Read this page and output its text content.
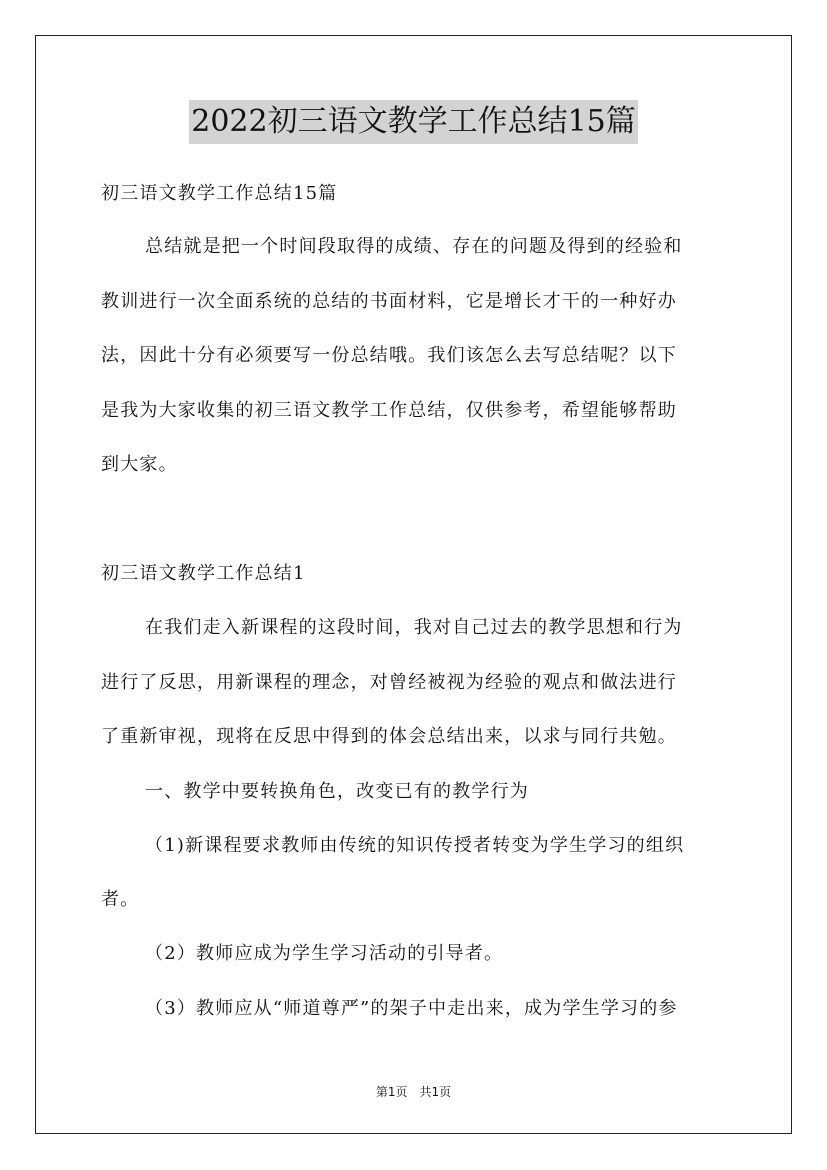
2022初三语文教学工作总结15篇

初三语文教学工作总结15篇

总结就是把一个时间段取得的成绩、存在的问题及得到的经验和

教训进行一次全面系统的总结的书面材料，它是增长才干的一种好办

法，因此十分有必须要写一份总结哦。我们该怎么去写总结呢？以下

是我为大家收集的初三语文教学工作总结，仅供参考，希望能够帮助

到大家。

初三语文教学工作总结1

在我们走入新课程的这段时间，我对自己过去的教学思想和行为

进行了反思，用新课程的理念，对曾经被视为经验的观点和做法进行

了重新审视，现将在反思中得到的体会总结出来，以求与同行共勉。

一、教学中要转换角色，改变已有的教学行为

（1)新课程要求教师由传统的知识传授者转变为学生学习的组织

者。

（2）教师应成为学生学习活动的引导者。

（3）教师应从“师道尊严”的架子中走出来，成为学生学习的参

第1页　共1页
